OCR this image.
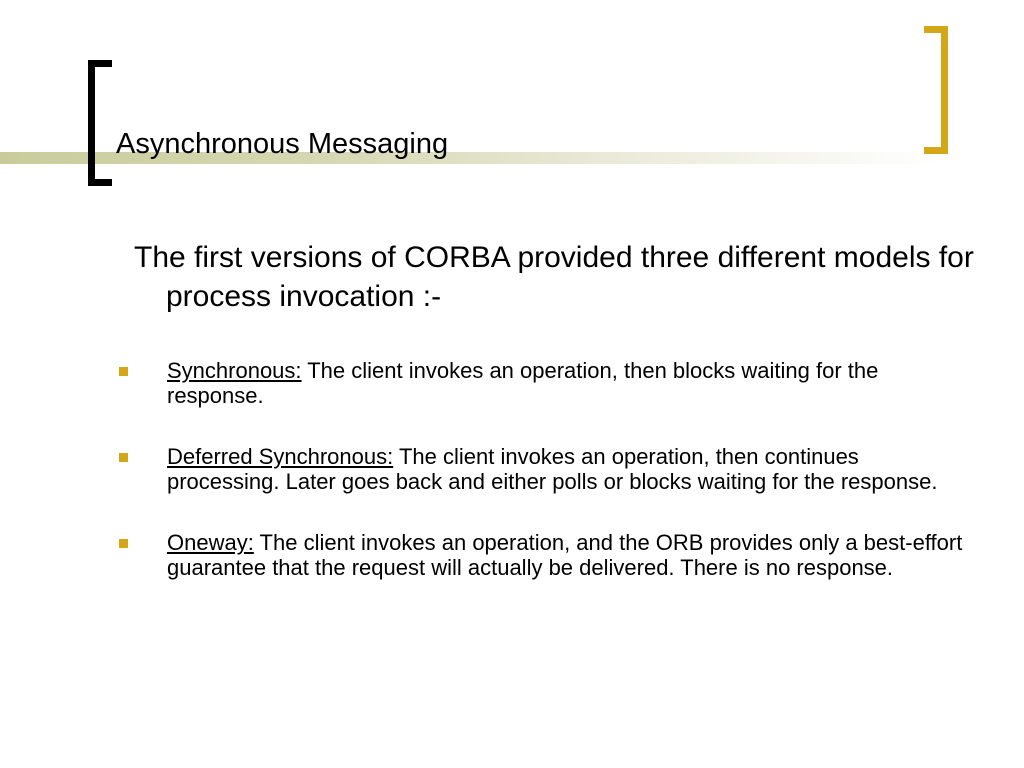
Asynchronous Messaging
The first versions of CORBA provided three different models for process invocation :-
Synchronous: The client invokes an operation, then blocks waiting for the response.
Deferred Synchronous: The client invokes an operation, then continues processing. Later goes back and either polls or blocks waiting for the response.
Oneway: The client invokes an operation, and the ORB provides only a best-effort guarantee that the request will actually be delivered. There is no response.
